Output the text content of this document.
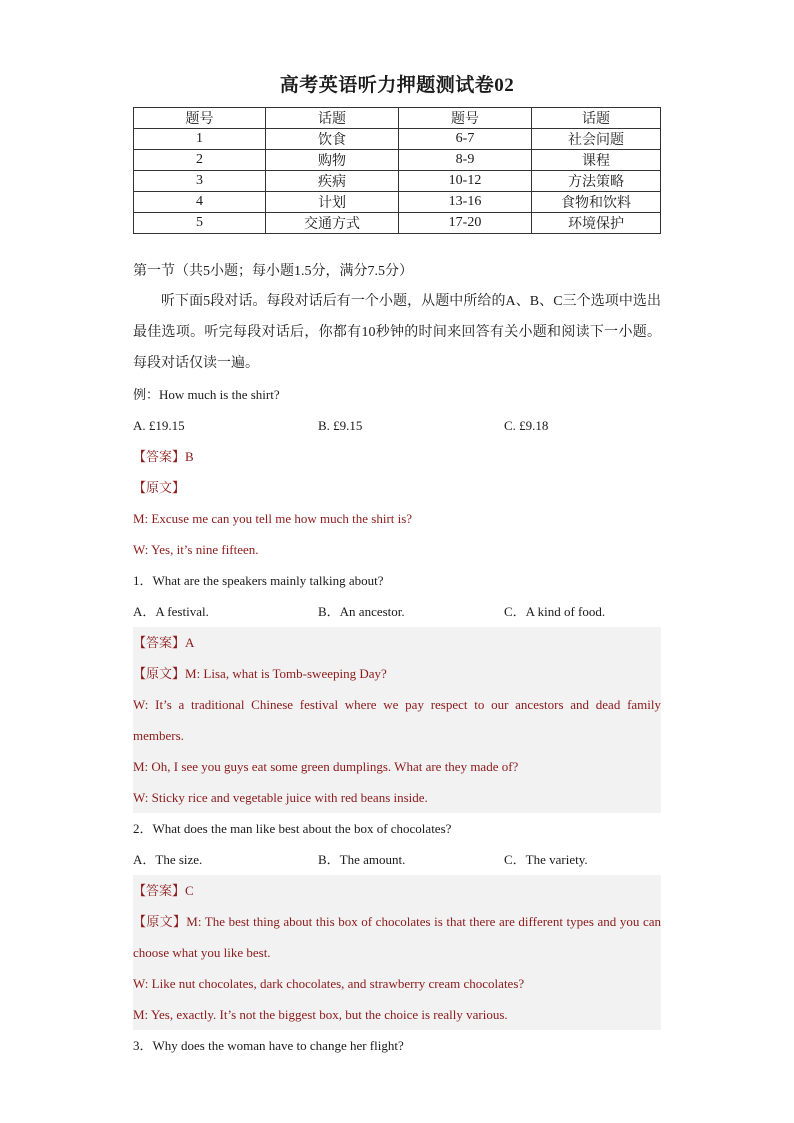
高考英语听力押题测试卷02
题号	话题	题号	话题
1	饮食	6-7	社会问题
2	购物	8-9	课程
3	疾病	10-12	方法策略
4	计划	13-16	食物和饮料
5	交通方式	17-20	环境保护
第一节（共5小题；每小题1.5分，满分7.5分）

听下面5段对话。每段对话后有一个小题，从题中所给的A、B、C三个选项中选出最佳选项。听完每段对话后，你都有10秒钟的时间来回答有关小题和阅读下一小题。每段对话仅读一遍。

例：How much is the shirt?
A. £19.15	B. £9.15	C. £9.18
【答案】B
【原文】
M: Excuse me can you tell me how much the shirt is?
W: Yes, it’s nine fifteen.
1．What are the speakers mainly talking about?
A．A festival.	B．An ancestor.	C．A kind of food.
【答案】A
【原文】M: Lisa, what is Tomb-sweeping Day?
W: It’s a traditional Chinese festival where we pay respect to our ancestors and dead family members.
M: Oh, I see you guys eat some green dumplings. What are they made of?
W: Sticky rice and vegetable juice with red beans inside.
2．What does the man like best about the box of chocolates?
A．The size.	B．The amount.	C．The variety.
【答案】C
【原文】M: The best thing about this box of chocolates is that there are different types and you can choose what you like best.
W: Like nut chocolates, dark chocolates, and strawberry cream chocolates?
M: Yes, exactly. It’s not the biggest box, but the choice is really various.
3．Why does the woman have to change her flight?
